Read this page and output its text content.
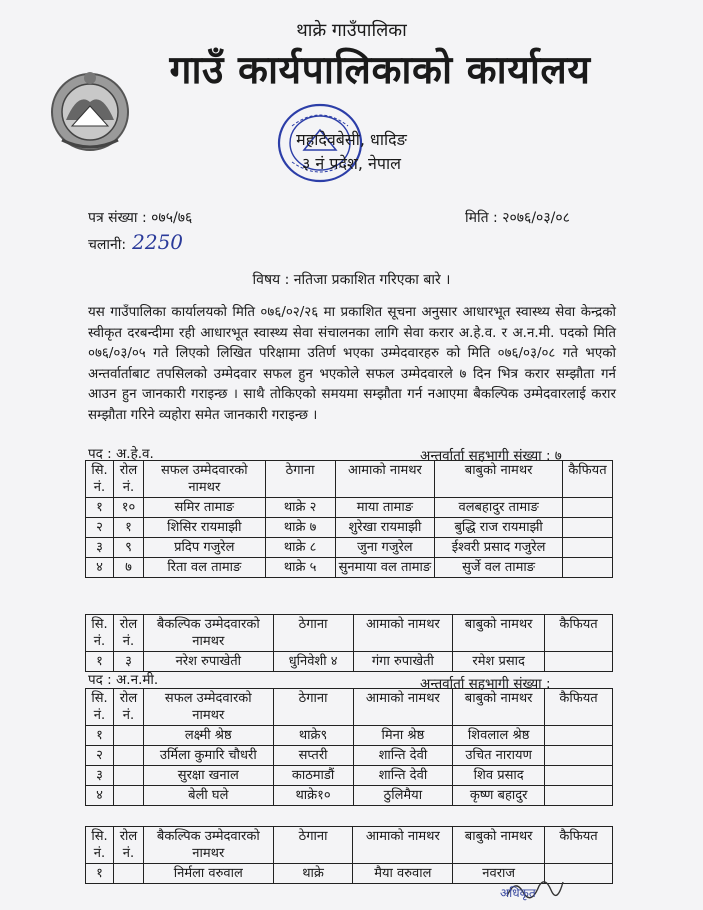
थाक्रे गाउँपालिका
गाउँ कार्यपालिकाको कार्यालय
महादेवबेसी, धादिङ
३ नं प्रदेश, नेपाल
पत्र संख्या : ०७५/७६
चलानी: 2250
मिति : २०७६/०३/०८
विषय : नतिजा प्रकाशित गरिएका बारे ।
यस गाउँपालिका कार्यालयको मिति ०७६/०२/२६ मा प्रकाशित सूचना अनुसार आधारभूत स्वास्थ्य सेवा केन्द्रको स्वीकृत दरबन्दीमा रही आधारभूत स्वास्थ्य सेवा संचालनका लागि सेवा करार अ.हे.व. र अ.न.मी. पदको मिति ०७६/०३/०५ गते लिएको लिखित परिक्षामा उतिर्ण भएका उम्मेदवारहरु को मिति ०७६/०३/०८ गते भएको अन्तर्वार्ताबाट तपसिलको उम्मेदवार सफल हुन भएकोले सफल उम्मेदवारले ७ दिन भित्र करार सम्झौता गर्न आउन हुन जानकारी गराइन्छ । साथै तोकिएको समयमा सम्झौता गर्न नआएमा बैकल्पिक उम्मेदवारलाई करार सम्झौता गरिने व्यहोरा समेत जानकारी गराइन्छ ।
पद : अ.हे.व.	अन्तर्वार्ता सहभागी संख्या : ७
सि. नं.	रोल नं.	सफल उम्मेदवारको नामथर	ठेगाना	आमाको नामथर	बाबुको नामथर	कैफियत
१	१०	समिर तामाङ	थाक्रे २	माया तामाङ	वलबहादुर तामाङ	
२	१	शिसिर रायमाझी	थाक्रे ७	शुरेखा रायमाझी	बुद्धि राज रायमाझी	
३	९	प्रदिप गजुरेल	थाक्रे ८	जुना गजुरेल	ईश्वरी प्रसाद गजुरेल	
४	७	रिता वल तामाङ	थाक्रे ५	सुनमाया वल तामाङ	सुर्जे वल तामाङ	
सि. नं.	रोल नं.	बैकल्पिक उम्मेदवारको नामथर	ठेगाना	आमाको नामथर	बाबुको नामथर	कैफियत
१	३	नरेश रुपाखेती	धुनिवेशी ४	गंगा रुपाखेती	रमेश प्रसाद	
पद : अ.न.मी.	अन्तर्वार्ता सहभागी संख्या :
सि. नं.	रोल नं.	सफल उम्मेदवारको नामथर	ठेगाना	आमाको नामथर	बाबुको नामथर	कैफियत
१		लक्ष्मी श्रेष्ठ	थाक्रे९	मिना श्रेष्ठ	शिवलाल श्रेष्ठ	
२		उर्मिला कुमारि चौधरी	सप्तरी	शान्ति देवी	उचित नारायण	
३		सुरक्षा खनाल	काठमाडौं	शान्ति देवी	शिव प्रसाद	
४		बेली घले	थाक्रे१०	ठुलिमैया	कृष्ण बहादुर	
सि. नं.	रोल नं.	बैकल्पिक उम्मेदवारको नामथर	ठेगाना	आमाको नामथर	बाबुको नामथर	कैफियत
१		निर्मला वरुवाल	थाक्रे	मैया वरुवाल	नवराज	
अधिकृत
